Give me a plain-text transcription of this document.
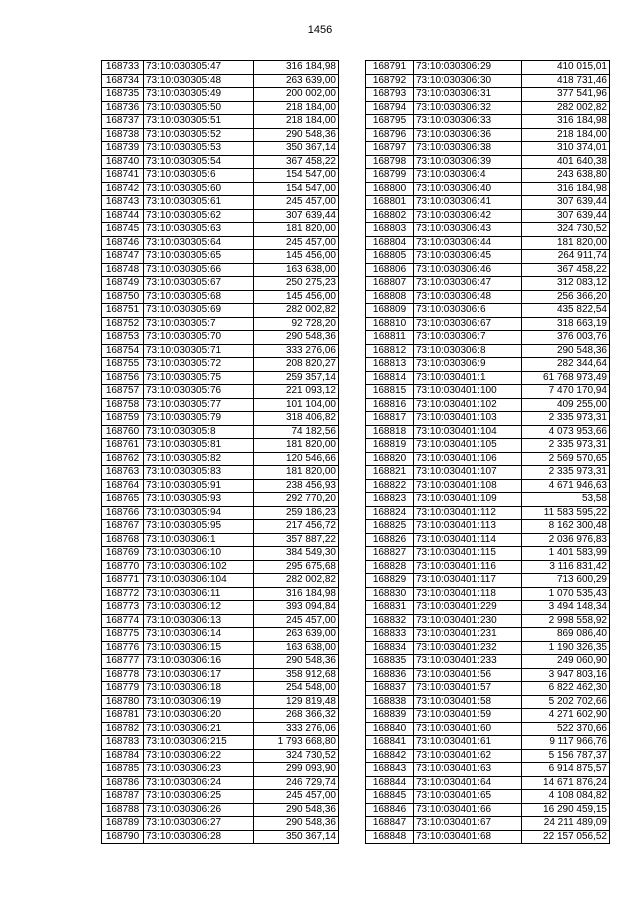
1456
168733	73:10:030305:47	316 184,98
168734	73:10:030305:48	263 639,00
168735	73:10:030305:49	200 002,00
168736	73:10:030305:50	218 184,00
168737	73:10:030305:51	218 184,00
168738	73:10:030305:52	290 548,36
168739	73:10:030305:53	350 367,14
168740	73:10:030305:54	367 458,22
168741	73:10:030305:6	154 547,00
168742	73:10:030305:60	154 547,00
168743	73:10:030305:61	245 457,00
168744	73:10:030305:62	307 639,44
168745	73:10:030305:63	181 820,00
168746	73:10:030305:64	245 457,00
168747	73:10:030305:65	145 456,00
168748	73:10:030305:66	163 638,00
168749	73:10:030305:67	250 275,23
168750	73:10:030305:68	145 456,00
168751	73:10:030305:69	282 002,82
168752	73:10:030305:7	92 728,20
168753	73:10:030305:70	290 548,36
168754	73:10:030305:71	333 276,06
168755	73:10:030305:72	208 820,27
168756	73:10:030305:75	259 357,14
168757	73:10:030305:76	221 093,12
168758	73:10:030305:77	101 104,00
168759	73:10:030305:79	318 406,82
168760	73:10:030305:8	74 182,56
168761	73:10:030305:81	181 820,00
168762	73:10:030305:82	120 546,66
168763	73:10:030305:83	181 820,00
168764	73:10:030305:91	238 456,93
168765	73:10:030305:93	292 770,20
168766	73:10:030305:94	259 186,23
168767	73:10:030305:95	217 456,72
168768	73:10:030306:1	357 887,22
168769	73:10:030306:10	384 549,30
168770	73:10:030306:102	295 675,68
168771	73:10:030306:104	282 002,82
168772	73:10:030306:11	316 184,98
168773	73:10:030306:12	393 094,84
168774	73:10:030306:13	245 457,00
168775	73:10:030306:14	263 639,00
168776	73:10:030306:15	163 638,00
168777	73:10:030306:16	290 548,36
168778	73:10:030306:17	358 912,68
168779	73:10:030306:18	254 548,00
168780	73:10:030306:19	129 819,48
168781	73:10:030306:20	268 366,32
168782	73:10:030306:21	333 276,06
168783	73:10:030306:215	1 793 668,80
168784	73:10:030306:22	324 730,52
168785	73:10:030306:23	299 093,90
168786	73:10:030306:24	246 729,74
168787	73:10:030306:25	245 457,00
168788	73:10:030306:26	290 548,36
168789	73:10:030306:27	290 548,36
168790	73:10:030306:28	350 367,14
168791	73:10:030306:29	410 015,01
168792	73:10:030306:30	418 731,46
168793	73:10:030306:31	377 541,96
168794	73:10:030306:32	282 002,82
168795	73:10:030306:33	316 184,98
168796	73:10:030306:36	218 184,00
168797	73:10:030306:38	310 374,01
168798	73:10:030306:39	401 640,38
168799	73:10:030306:4	243 638,80
168800	73:10:030306:40	316 184,98
168801	73:10:030306:41	307 639,44
168802	73:10:030306:42	307 639,44
168803	73:10:030306:43	324 730,52
168804	73:10:030306:44	181 820,00
168805	73:10:030306:45	264 911,74
168806	73:10:030306:46	367 458,22
168807	73:10:030306:47	312 083,12
168808	73:10:030306:48	256 366,20
168809	73:10:030306:6	435 822,54
168810	73:10:030306:67	318 663,19
168811	73:10:030306:7	376 003,76
168812	73:10:030306:8	290 548,36
168813	73:10:030306:9	282 344,64
168814	73:10:030401:1	61 768 973,49
168815	73:10:030401:100	7 470 170,94
168816	73:10:030401:102	409 255,00
168817	73:10:030401:103	2 335 973,31
168818	73:10:030401:104	4 073 953,66
168819	73:10:030401:105	2 335 973,31
168820	73:10:030401:106	2 569 570,65
168821	73:10:030401:107	2 335 973,31
168822	73:10:030401:108	4 671 946,63
168823	73:10:030401:109	53,58
168824	73:10:030401:112	11 583 595,22
168825	73:10:030401:113	8 162 300,48
168826	73:10:030401:114	2 036 976,83
168827	73:10:030401:115	1 401 583,99
168828	73:10:030401:116	3 116 831,42
168829	73:10:030401:117	713 600,29
168830	73:10:030401:118	1 070 535,43
168831	73:10:030401:229	3 494 148,34
168832	73:10:030401:230	2 998 558,92
168833	73:10:030401:231	869 086,40
168834	73:10:030401:232	1 190 326,35
168835	73:10:030401:233	249 060,90
168836	73:10:030401:56	3 947 803,16
168837	73:10:030401:57	6 822 462,30
168838	73:10:030401:58	5 202 702,66
168839	73:10:030401:59	4 271 602,90
168840	73:10:030401:60	522 370,66
168841	73:10:030401:61	9 117 966,76
168842	73:10:030401:62	5 156 787,37
168843	73:10:030401:63	6 914 875,57
168844	73:10:030401:64	14 671 876,24
168845	73:10:030401:65	4 108 084,82
168846	73:10:030401:66	16 290 459,15
168847	73:10:030401:67	24 211 489,09
168848	73:10:030401:68	22 157 056,52
